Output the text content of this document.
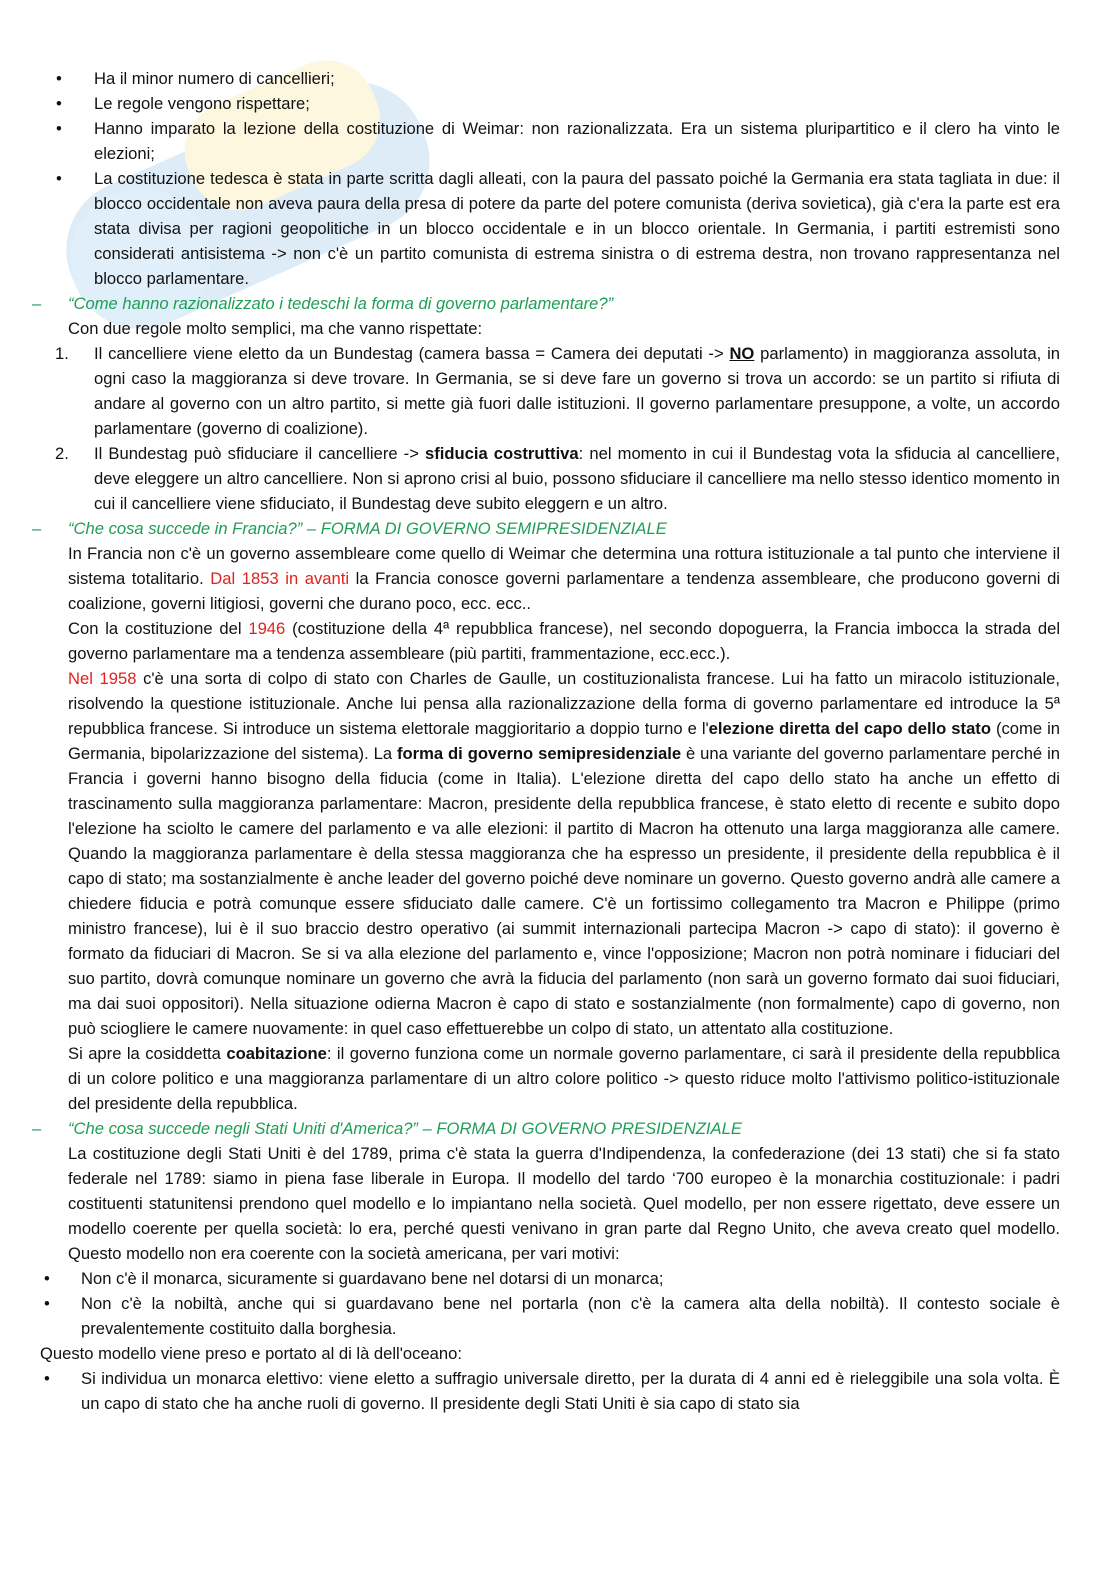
• Ha il minor numero di cancellieri;

• Le regole vengono rispettare;

• Hanno imparato la lezione della costituzione di Weimar: non razionalizzata. Era un sistema pluripartitico e il clero ha vinto le elezioni;

• La costituzione tedesca è stata in parte scritta dagli alleati, con la paura del passato poiché la Germania era stata tagliata in due: il blocco occidentale non aveva paura della presa di potere da parte del potere comunista (deriva sovietica), già c'era la parte est era stata divisa per ragioni geopolitiche in un blocco occidentale e in un blocco orientale. In Germania, i partiti estremisti sono considerati antisistema -> non c'è un partito comunista di estrema sinistra o di estrema destra, non trovano rappresentanza nel blocco parlamentare.

– “Come hanno razionalizzato i tedeschi la forma di governo parlamentare?”

Con due regole molto semplici, ma che vanno rispettate:

1. Il cancelliere viene eletto da un Bundestag (camera bassa = Camera dei deputati -> NO parlamento) in maggioranza assoluta, in ogni caso la maggioranza si deve trovare. In Germania, se si deve fare un governo si trova un accordo: se un partito si rifiuta di andare al governo con un altro partito, si mette già fuori dalle istituzioni. Il governo parlamentare presuppone, a volte, un accordo parlamentare (governo di coalizione).

2. Il Bundestag può sfiduciare il cancelliere -> sfiducia costruttiva: nel momento in cui il Bundestag vota la sfiducia al cancelliere, deve eleggere un altro cancelliere. Non si aprono crisi al buio, possono sfiduciare il cancelliere ma nello stesso identico momento in cui il cancelliere viene sfiduciato, il Bundestag deve subito eleggern e un altro.

– “Che cosa succede in Francia?” – FORMA DI GOVERNO SEMIPRESIDENZIALE

In Francia non c'è un governo assembleare come quello di Weimar che determina una rottura istituzionale a tal punto che interviene il sistema totalitario. Dal 1853 in avanti la Francia conosce governi parlamentare a tendenza assembleare, che producono governi di coalizione, governi litigiosi, governi che durano poco, ecc. ecc..

Con la costituzione del 1946 (costituzione della 4ª repubblica francese), nel secondo dopoguerra, la Francia imbocca la strada del governo parlamentare ma a tendenza assembleare (più partiti, frammentazione, ecc.ecc.).

Nel 1958 c'è una sorta di colpo di stato con Charles de Gaulle, un costituzionalista francese. Lui ha fatto un miracolo istituzionale, risolvendo la questione istituzionale. Anche lui pensa alla razionalizzazione della forma di governo parlamentare ed introduce la 5ª repubblica francese. Si introduce un sistema elettorale maggioritario a doppio turno e l'elezione diretta del capo dello stato (come in Germania, bipolarizzazione del sistema). La forma di governo semipresidenziale è una variante del governo parlamentare perché in Francia i governi hanno bisogno della fiducia (come in Italia). L'elezione diretta del capo dello stato ha anche un effetto di trascinamento sulla maggioranza parlamentare: Macron, presidente della repubblica francese, è stato eletto di recente e subito dopo l'elezione ha sciolto le camere del parlamento e va alle elezioni: il partito di Macron ha ottenuto una larga maggioranza alle camere. Quando la maggioranza parlamentare è della stessa maggioranza che ha espresso un presidente, il presidente della repubblica è il capo di stato; ma sostanzialmente è anche leader del governo poiché deve nominare un governo. Questo governo andrà alle camere a chiedere fiducia e potrà comunque essere sfiduciato dalle camere. C'è un fortissimo collegamento tra Macron e Philippe (primo ministro francese), lui è il suo braccio destro operativo (ai summit internazionali partecipa Macron -> capo di stato): il governo è formato da fiduciari di Macron. Se si va alla elezione del parlamento e, vince l'opposizione; Macron non potrà nominare i fiduciari del suo partito, dovrà comunque nominare un governo che avrà la fiducia del parlamento (non sarà un governo formato dai suoi fiduciari, ma dai suoi oppositori). Nella situazione odierna Macron è capo di stato e sostanzialmente (non formalmente) capo di governo, non può sciogliere le camere nuovamente: in quel caso effettuerebbe un colpo di stato, un attentato alla costituzione.

Si apre la cosiddetta coabitazione: il governo funziona come un normale governo parlamentare, ci sarà il presidente della repubblica di un colore politico e una maggioranza parlamentare di un altro colore politico -> questo riduce molto l'attivismo politico-istituzionale del presidente della repubblica.

– “Che cosa succede negli Stati Uniti d'America?” – FORMA DI GOVERNO PRESIDENZIALE

La costituzione degli Stati Uniti è del 1789, prima c'è stata la guerra d'Indipendenza, la confederazione (dei 13 stati) che si fa stato federale nel 1789: siamo in piena fase liberale in Europa. Il modello del tardo ‘700 europeo è la monarchia costituzionale: i padri costituenti statunitensi prendono quel modello e lo impiantano nella società. Quel modello, per non essere rigettato, deve essere un modello coerente per quella società: lo era, perché questi venivano in gran parte dal Regno Unito, che aveva creato quel modello. Questo modello non era coerente con la società americana, per vari motivi:

• Non c'è il monarca, sicuramente si guardavano bene nel dotarsi di un monarca;

• Non c'è la nobiltà, anche qui si guardavano bene nel portarla (non c'è la camera alta della nobiltà). Il contesto sociale è prevalentemente costituito dalla borghesia.

Questo modello viene preso e portato al di là dell'oceano:

• Si individua un monarca elettivo: viene eletto a suffragio universale diretto, per la durata di 4 anni ed è rieleggibile una sola volta. È un capo di stato che ha anche ruoli di governo. Il presidente degli Stati Uniti è sia capo di stato sia
